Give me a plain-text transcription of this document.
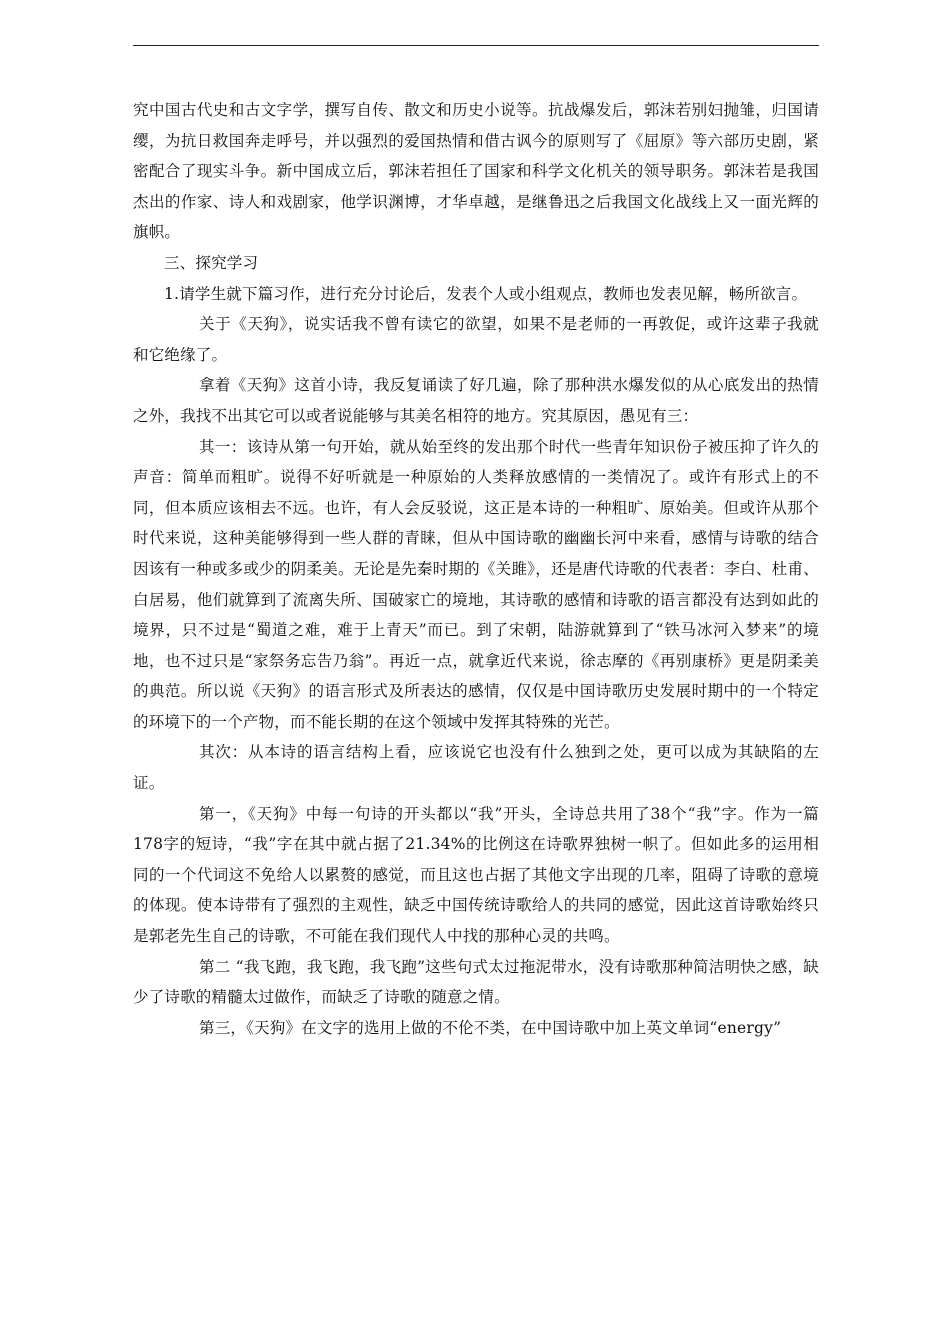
究中国古代史和古文字学，撰写自传、散文和历史小说等。抗战爆发后，郭沫若别妇抛雏，归国请缨，为抗日救国奔走呼号，并以强烈的爱国热情和借古讽今的原则写了《屈原》等六部历史剧，紧密配合了现实斗争。新中国成立后，郭沫若担任了国家和科学文化机关的领导职务。郭沫若是我国杰出的作家、诗人和戏剧家，他学识渊博，才华卓越，是继鲁迅之后我国文化战线上又一面光辉的旗帜。

三、探究学习

1.请学生就下篇习作，进行充分讨论后，发表个人或小组观点，教师也发表见解，畅所欲言。

关于《天狗》，说实话我不曾有读它的欲望，如果不是老师的一再敦促，或许这辈子我就和它绝缘了。

拿着《天狗》这首小诗，我反复诵读了好几遍，除了那种洪水爆发似的从心底发出的热情之外，我找不出其它可以或者说能够与其美名相符的地方。究其原因，愚见有三：

其一：该诗从第一句开始，就从始至终的发出那个时代一些青年知识份子被压抑了许久的声音：简单而粗旷。说得不好听就是一种原始的人类释放感情的一类情况了。或许有形式上的不同，但本质应该相去不远。也许，有人会反驳说，这正是本诗的一种粗旷、原始美。但或许从那个时代来说，这种美能够得到一些人群的青睐，但从中国诗歌的幽幽长河中来看，感情与诗歌的结合因该有一种或多或少的阴柔美。无论是先秦时期的《关雎》，还是唐代诗歌的代表者：李白、杜甫、白居易，他们就算到了流离失所、国破家亡的境地，其诗歌的感情和诗歌的语言都没有达到如此的境界，只不过是“蜀道之难，难于上青天”而已。到了宋朝，陆游就算到了“铁马冰河入梦来”的境地，也不过只是“家祭务忘告乃翁”。再近一点，就拿近代来说，徐志摩的《再别康桥》更是阴柔美的典范。所以说《天狗》的语言形式及所表达的感情，仅仅是中国诗歌历史发展时期中的一个特定的环境下的一个产物，而不能长期的在这个领域中发挥其特殊的光芒。

其次：从本诗的语言结构上看，应该说它也没有什么独到之处，更可以成为其缺陷的左证。

第一，《天狗》中每一句诗的开头都以“我”开头，全诗总共用了38个“我”字。作为一篇178字的短诗，“我”字在其中就占据了21.34%的比例这在诗歌界独树一帜了。但如此多的运用相同的一个代词这不免给人以累赘的感觉，而且这也占据了其他文字出现的几率，阻碍了诗歌的意境的体现。使本诗带有了强烈的主观性，缺乏中国传统诗歌给人的共同的感觉，因此这首诗歌始终只是郭老先生自己的诗歌，不可能在我们现代人中找的那种心灵的共鸣。

第二 “我飞跑，我飞跑，我飞跑”这些句式太过拖泥带水，没有诗歌那种简洁明快之感，缺少了诗歌的精髓太过做作，而缺乏了诗歌的随意之情。

第三，《天狗》在文字的选用上做的不伦不类，在中国诗歌中加上英文单词“energy”
